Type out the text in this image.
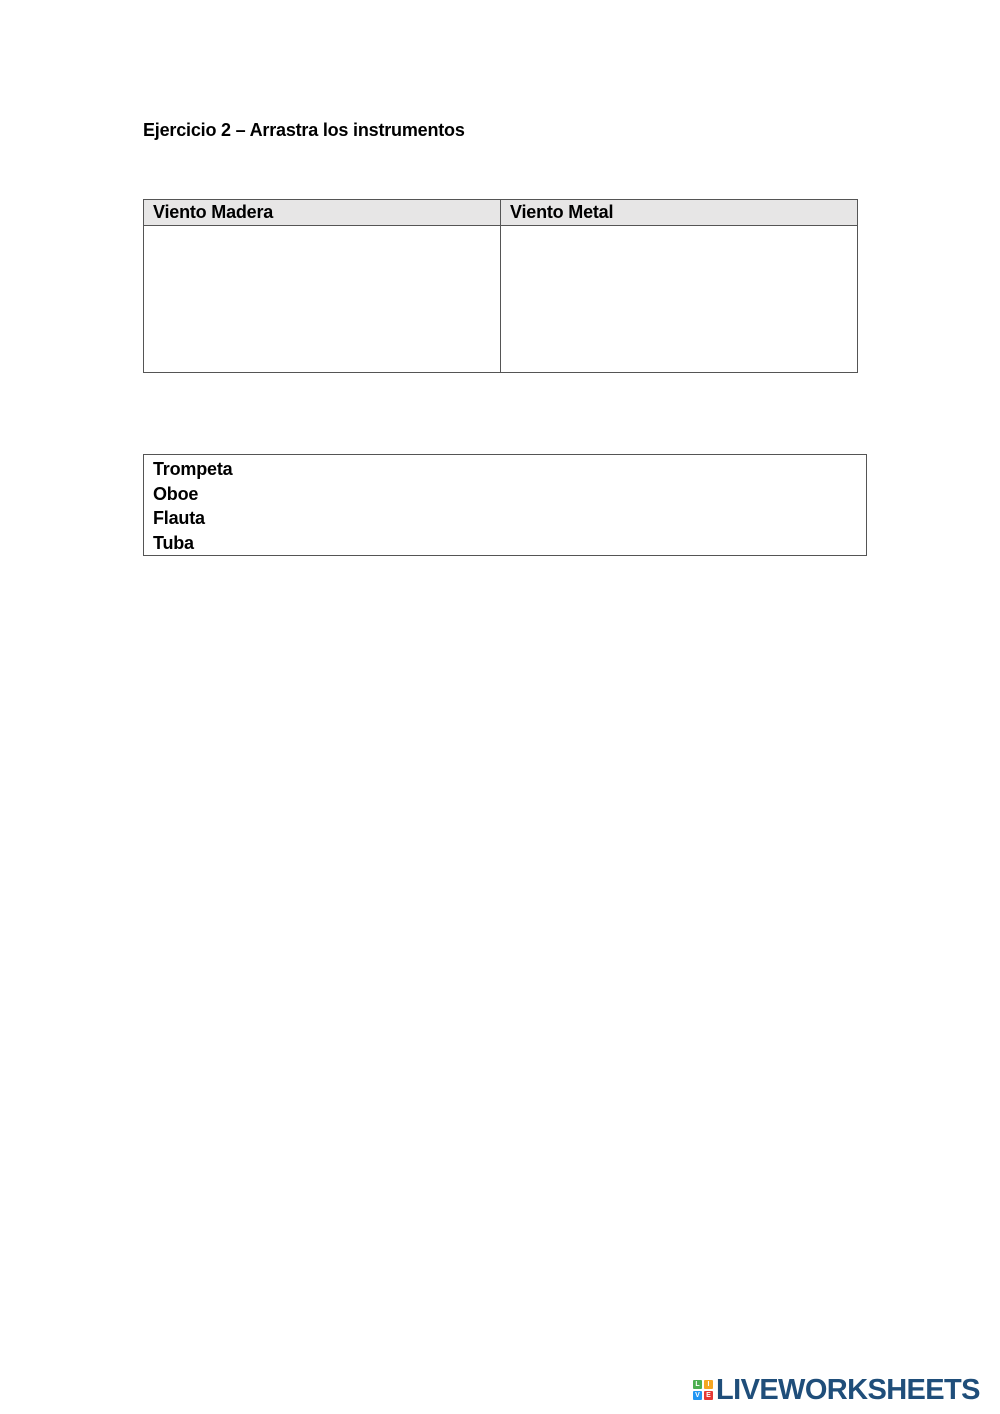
Ejercicio 2 – Arrastra los instrumentos
Viento Madera	Viento Metal

Trompeta
Oboe
Flauta
Tuba
L	I
V E LIVEWORKSHEETS
